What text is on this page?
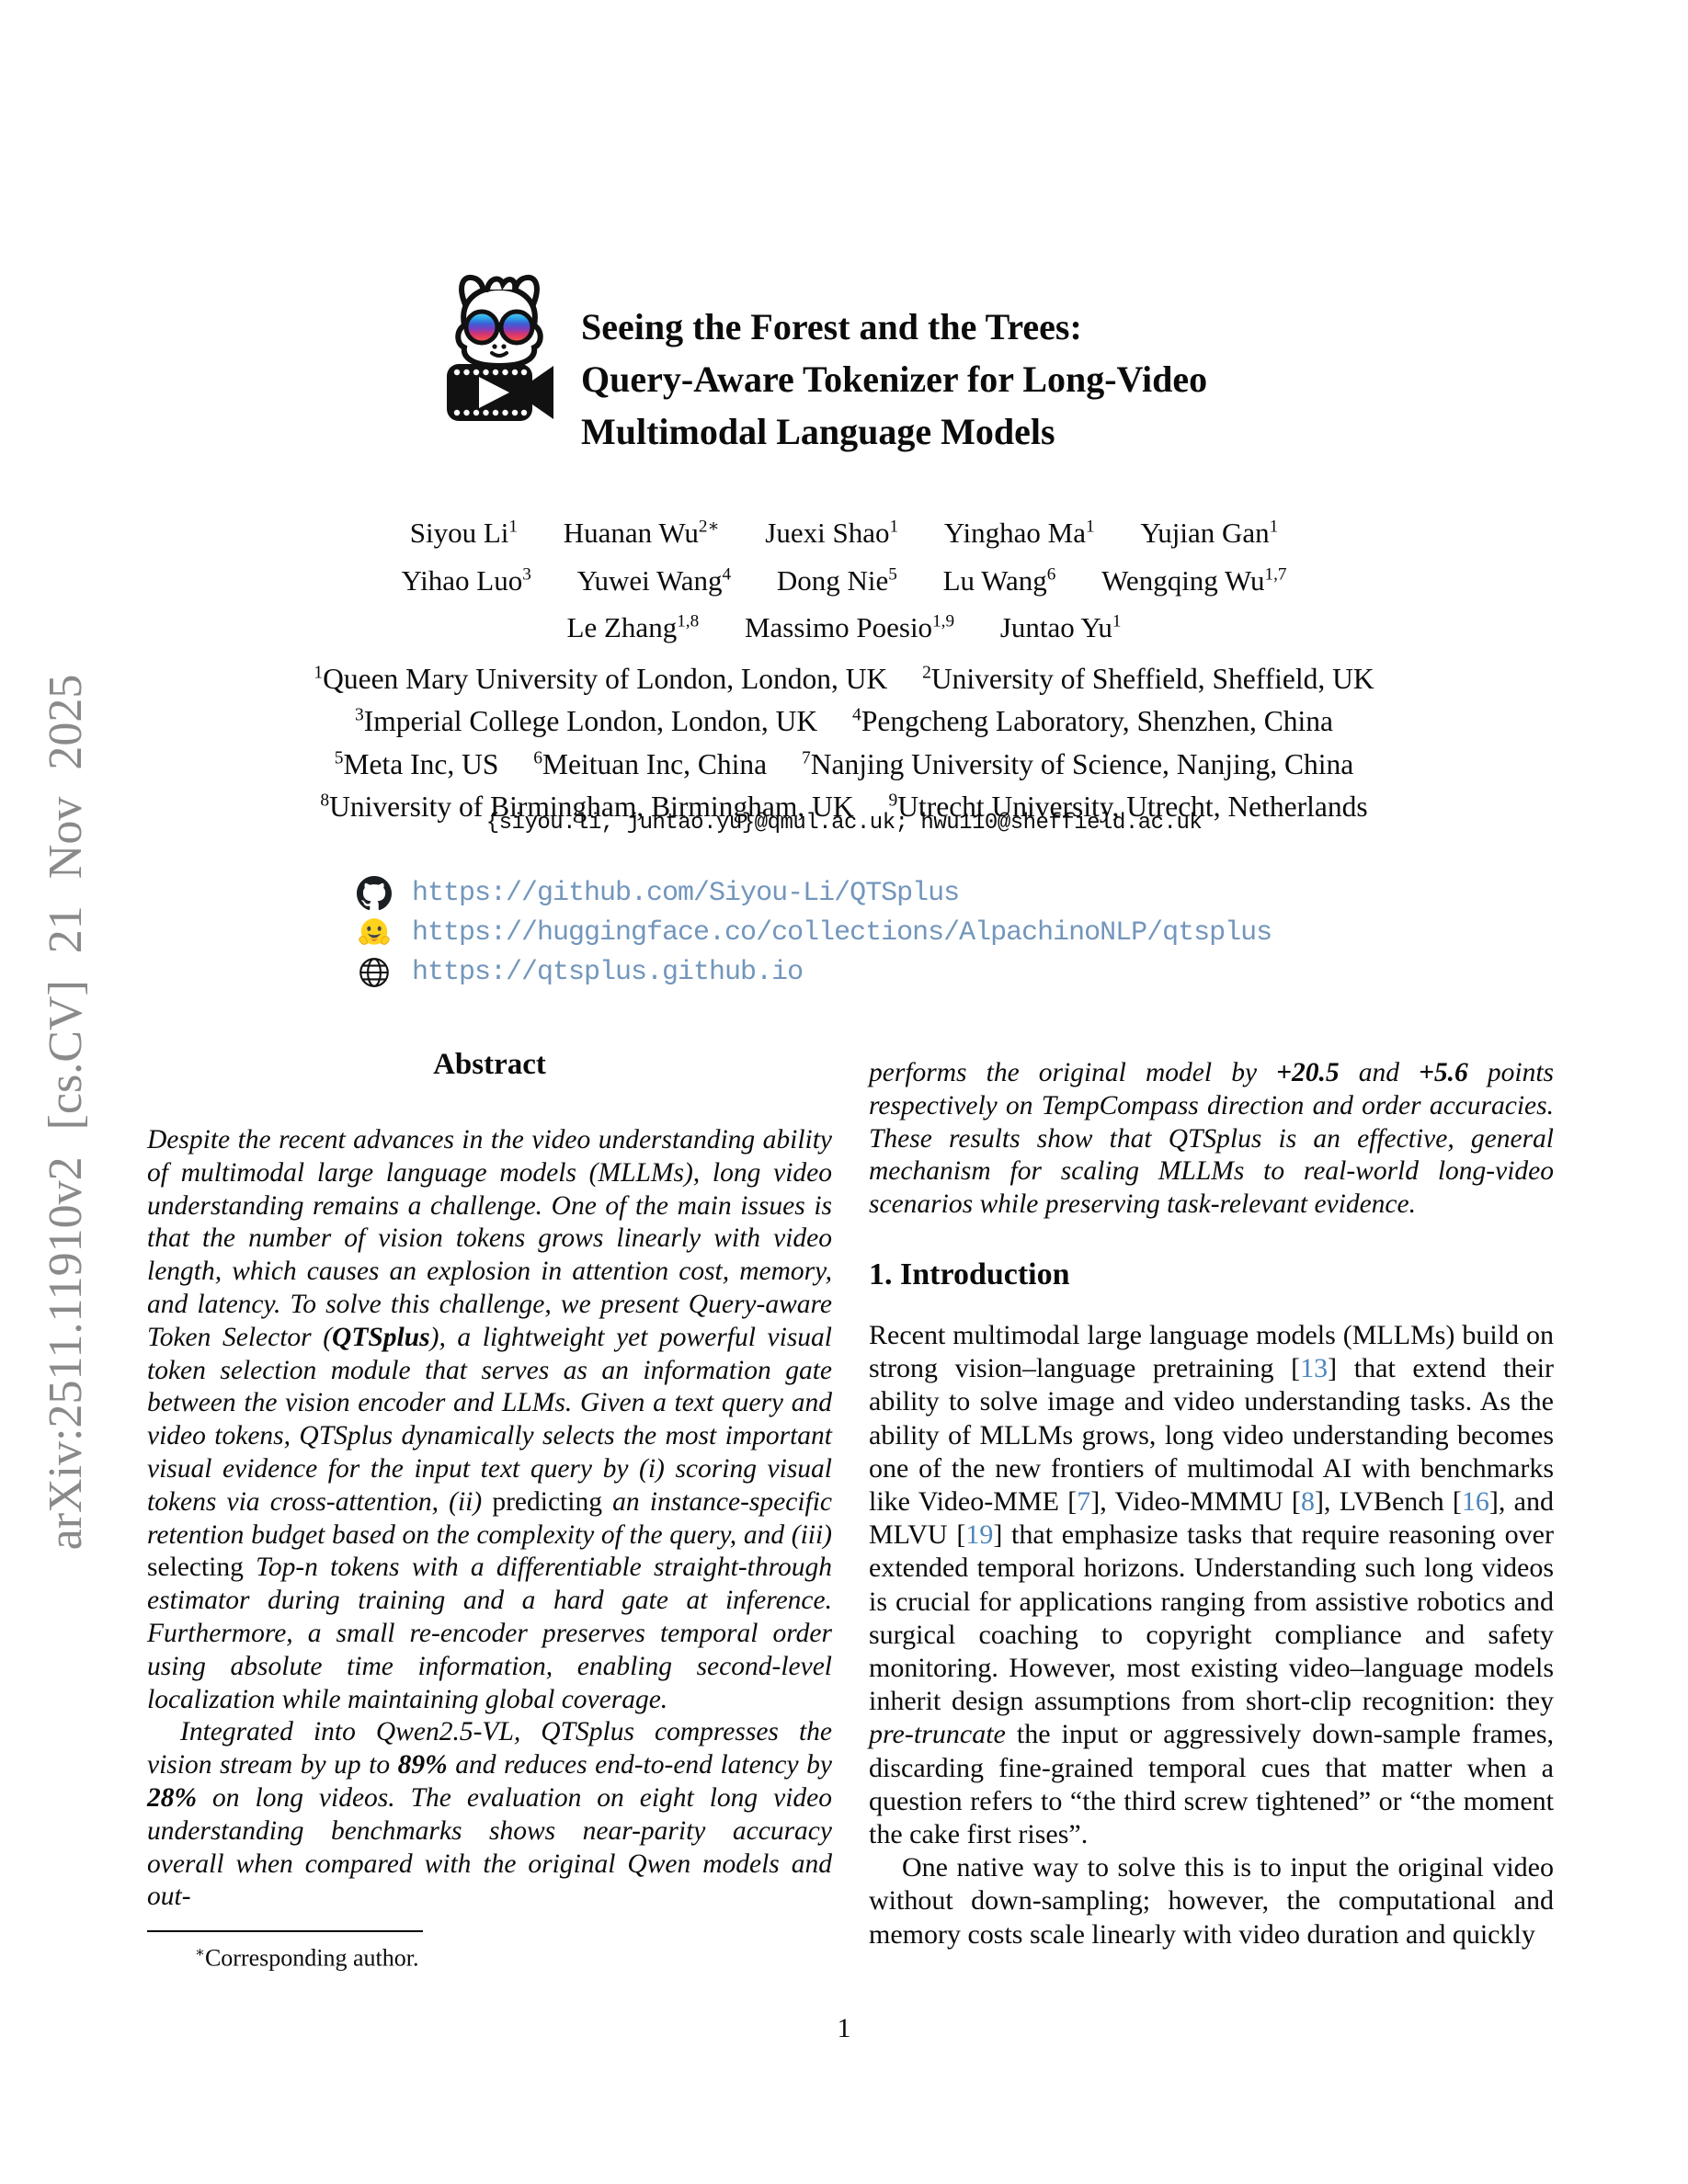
arXiv:2511.11910v2 [cs.CV] 21 Nov 2025
Seeing the Forest and the Trees:
Query-Aware Tokenizer for Long-Video
Multimodal Language Models
Siyou Li$^1$ Huanan $Wu^{2∗}$ Juexi Shao$^1$ Yinghao Ma$^1$ Yujian Gan$^1$
Yihao Luo$^3$ Yuwei Wang$^4$ Dong Nie$^5$ Lu Wang$^6$ Wengqing Wu$^{1,7}$
Le Zhang$^{1,8}$ Massimo Poesio$^{1,9}$ Juntao Yu$^1$
$^1$Queen Mary University of London, London, UK $^2$University of Sheffield, Sheffield, UK
$^3$Imperial College London, London, UK $^4$Pengcheng Laboratory, Shenzhen, China
$^5$Meta Inc, US $^6$Meituan Inc, China $^7$Nanjing University of Science, Nanjing, China
$^8$University of Birmingham, Birmingham, UK $^9$Utrecht University, Utrecht, Netherlands
{siyou.li, juntao.yu}@qmul.ac.uk; hwu110@sheffield.ac.uk
https://github.com/Siyou-Li/QTSplus
https://huggingface.co/collections/AlpachinoNLP/qtsplus
https://qtsplus.github.io
Abstract

Despite the recent advances in the video understanding ability of multimodal large language models (MLLMs), long video understanding remains a challenge. One of the main issues is that the number of vision tokens grows linearly with video length, which causes an explosion in attention cost, memory, and latency. To solve this challenge, we present Query-aware Token Selector (QTSplus), a lightweight yet powerful visual token selection module that serves as an information gate between the vision encoder and LLMs. Given a text query and video tokens, QTSplus dynamically selects the most important visual evidence for the input text query by (i) scoring visual tokens via cross-attention, (ii) predicting an instance-specific retention budget based on the complexity of the query, and (iii) selecting Top-n tokens with a differentiable straight-through estimator during training and a hard gate at inference. Furthermore, a small re-encoder preserves temporal order using absolute time information, enabling second-level localization while maintaining global coverage.

Integrated into Qwen2.5-VL, QTSplus compresses the vision stream by up to 89% and reduces end-to-end latency by 28% on long videos. The evaluation on eight long video understanding benchmarks shows near-parity accuracy overall when compared with the original Qwen models and out-

performs the original model by +20.5 and +5.6 points respectively on TempCompass direction and order accuracies. These results show that QTSplus is an effective, general mechanism for scaling MLLMs to real-world long-video scenarios while preserving task-relevant evidence.

1. Introduction

Recent multimodal large language models (MLLMs) build on strong vision–language pretraining [13] that extend their ability to solve image and video understanding tasks. As the ability of MLLMs grows, long video understanding becomes one of the new frontiers of multimodal AI with benchmarks like Video-MME [7], Video-MMMU [8], LVBench [16], and MLVU [19] that emphasize tasks that require reasoning over extended temporal horizons. Understanding such long videos is crucial for applications ranging from assistive robotics and surgical coaching to copyright compliance and safety monitoring. However, most existing video–language models inherit design assumptions from short-clip recognition: they pre-truncate the input or aggressively down-sample frames, discarding fine-grained temporal cues that matter when a question refers to “the third screw tightened” or “the moment the cake first rises”.

One native way to solve this is to input the original video without down-sampling; however, the computational and memory costs scale linearly with video duration and quickly

∗Corresponding author.
1
